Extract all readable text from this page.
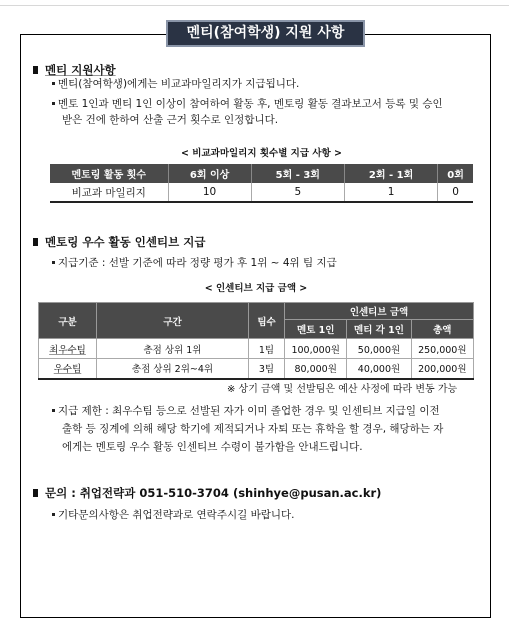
멘티(참여학생) 지원 사항
멘티 지원사항
멘티(참여학생)에게는 비교과마일리지가 지급됩니다.
멘토 1인과 멘티 1인 이상이 참여하여 활동 후, 멘토링 활동 결과보고서 등록 및 승인
받은 건에 한하여 산출 근거 횟수로 인정합니다.
< 비교과마일리지 횟수별 지급 사항 >
멘토링 활동 횟수	6회 이상	5회 - 3회	2회 - 1회	0회
비교과 마일리지	10	5	1	0
멘토링 우수 활동 인센티브 지급
지급기준 : 선발 기준에 따라 정량 평가 후 1위 ~ 4위 팀 지급
< 인센티브 지급 금액 >
구분	구간	팀수	인센티브 금액		
			멘토 1인	멘티 각 1인	총액
최우수팀	총점 상위 1위	1팀	100,000원	50,000원	250,000원
우수팀	총점 상위 2위~4위	3팀	80,000원	40,000원	200,000원
※ 상기 금액 및 선발팀은 예산 사정에 따라 변동 가능
지급 제한 : 최우수팀 등으로 선발된 자가 이미 졸업한 경우 및 인센티브 지급일 이전
출학 등 징계에 의해 해당 학기에 제적되거나 자퇴 또는 휴학을 할 경우, 해당하는 자
에게는 멘토링 우수 활동 인센티브 수령이 불가함을 안내드립니다.
문의 : 취업전략과 051-510-3704 (shinhye@pusan.ac.kr)
기타문의사항은 취업전략과로 연락주시길 바랍니다.
